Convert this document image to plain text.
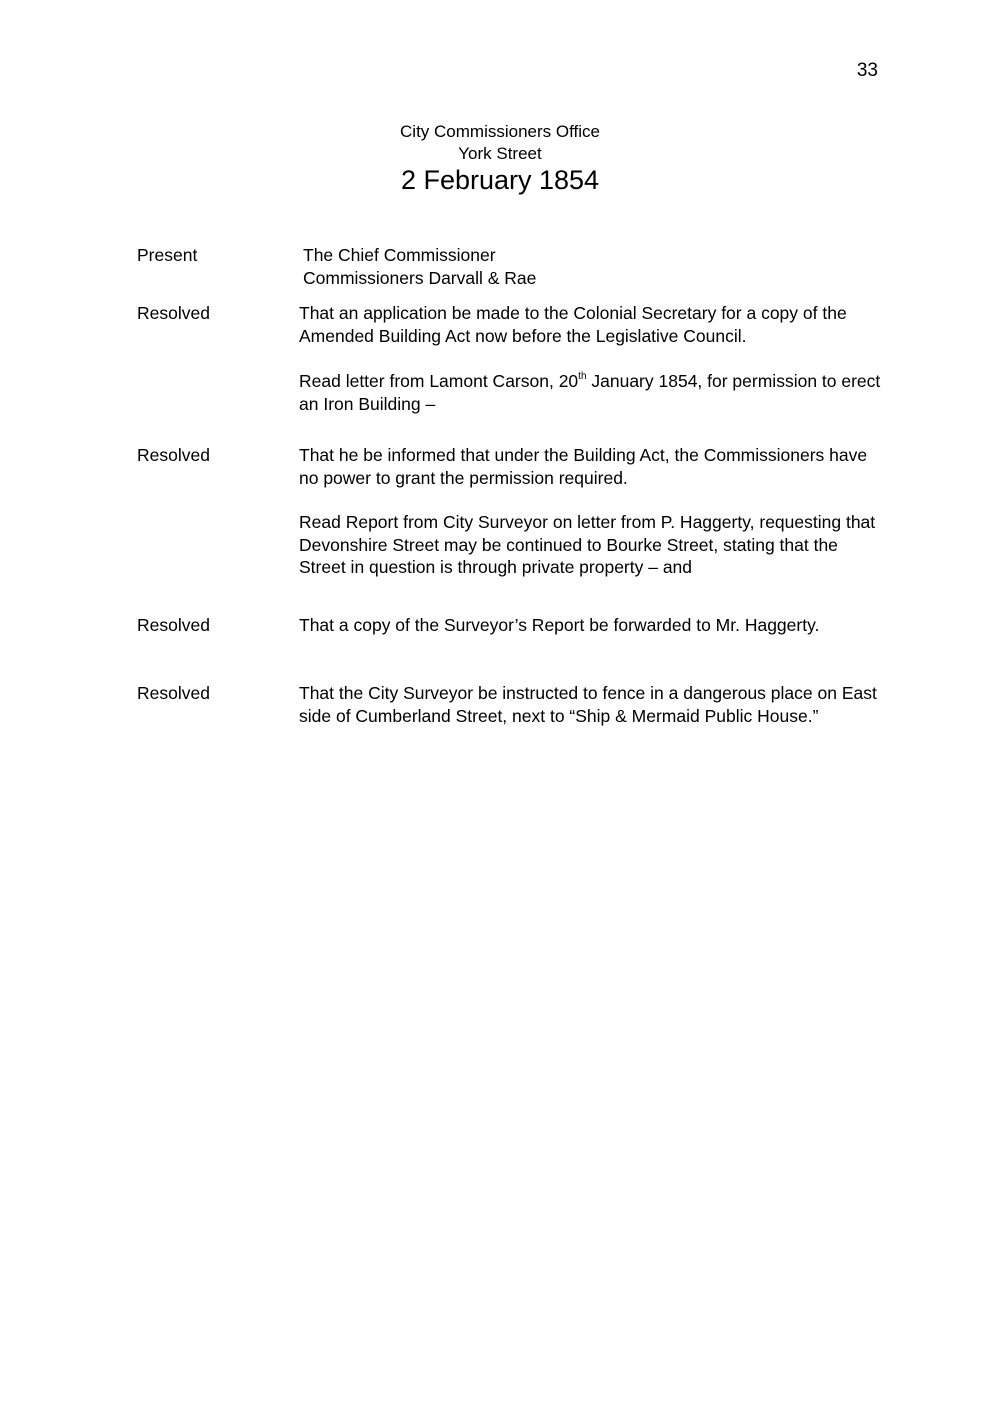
33
City Commissioners Office
York Street
2 February 1854
Present	The Chief Commissioner
Commissioners Darvall & Rae
Resolved	That an application be made to the Colonial Secretary for a copy of the
Amended Building Act now before the Legislative Council.
Read letter from Lamont Carson, 20th January 1854, for permission to erect
an Iron Building –
Resolved	That he be informed that under the Building Act, the Commissioners have
no power to grant the permission required.
Read Report from City Surveyor on letter from P. Haggerty, requesting that
Devonshire Street may be continued to Bourke Street, stating that the
Street in question is through private property – and
Resolved	That a copy of the Surveyor’s Report be forwarded to Mr. Haggerty.
Resolved	That the City Surveyor be instructed to fence in a dangerous place on East
side of Cumberland Street, next to “Ship & Mermaid Public House.”
